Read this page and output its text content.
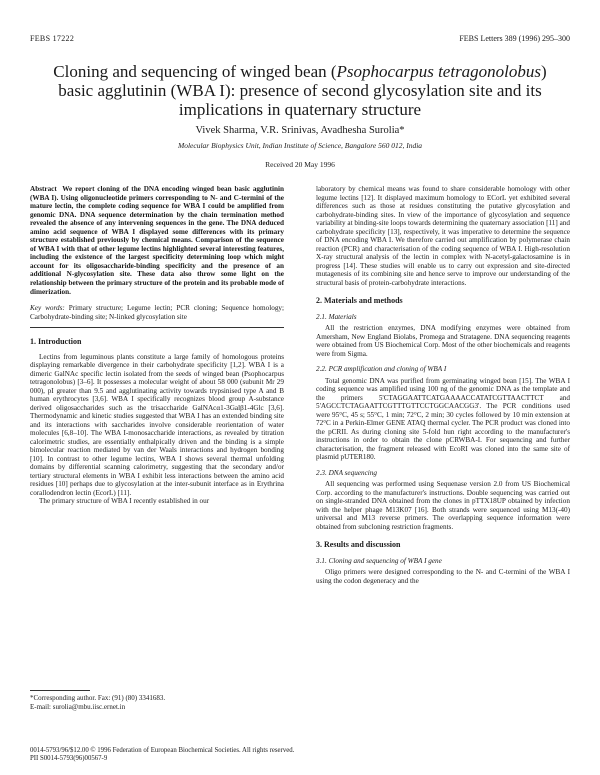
FEBS 17222	FEBS Letters 389 (1996) 295–300
Cloning and sequencing of winged bean (Psophocarpus tetragonolobus)
basic agglutinin (WBA I): presence of second glycosylation site and its
implications in quaternary structure
Vivek Sharma, V.R. Srinivas, Avadhesha Surolia*
Molecular Biophysics Unit, Indian Institute of Science, Bangalore 560 012, India
Received 20 May 1996

Abstract We report cloning of the DNA encoding winged bean basic agglutinin (WBA I). Using oligonucleotide primers corresponding to N- and C-termini of the mature lectin, the complete coding sequence for WBA I could be amplified from genomic DNA. DNA sequence determination by the chain termination method revealed the absence of any intervening sequences in the gene. The DNA deduced amino acid sequence of WBA I displayed some differences with its primary structure established previously by chemical means. Comparison of the sequence of WBA I with that of other legume lectins highlighted several interesting features, including the existence of the largest specificity determining loop which might account for its oligosaccharide-binding specificity and the presence of an additional N-glycosylation site. These data also throw some light on the relationship between the primary structure of the protein and its probable mode of dimerization.

Key words: Primary structure; Legume lectin; PCR cloning; Sequence homology; Carbohydrate-binding site; N-linked glycosylation site

1. Introduction

Lectins from leguminous plants constitute a large family of homologous proteins displaying remarkable divergence in their carbohydrate specificity [1,2]. WBA I is a dimeric GalNAc specific lectin isolated from the seeds of winged bean (Psophocarpus tetragonolobus) [3–6]. It possesses a molecular weight of about 58 000 (subunit Mr 29 000), pI greater than 9.5 and agglutinating activity towards trypsinised type A and B human erythrocytes [3,6]. WBA I specifically recognizes blood group A-substance derived oligosaccharides such as the trisaccharide GalNAcα1-3Galβ1-4Glc [3,6]. Thermodynamic and kinetic studies suggested that WBA I has an extended binding site and its interactions with saccharides involve considerable reorientation of water molecules [6,8–10]. The WBA I-monosaccharide interactions, as revealed by titration calorimetric studies, are essentially enthalpically driven and the binding is a simple bimolecular reaction mediated by van der Waals interactions and hydrogen bonding [10]. In contrast to other legume lectins, WBA I shows several thermal unfolding domains by differential scanning calorimetry, suggesting that the secondary and/or tertiary structural elements in WBA I exhibit less interactions between the amino acid residues [10] perhaps due to glycosylation at the inter-subunit interface as in Erythrina corallodendron lectin (EcorL) [11].

The primary structure of WBA I recently established in our

laboratory by chemical means was found to share considerable homology with other legume lectins [12]. It displayed maximum homology to ECorL yet exhibited several differences such as those at residues constituting the putative glycosylation and carbohydrate-binding sites. In view of the importance of glycosylation and sequence variability at binding-site loops towards determining the quaternary association [11] and carbohydrate specificity [13], respectively, it was imperative to determine the sequence of DNA encoding WBA I. We therefore carried out amplification by polymerase chain reaction (PCR) and characterisation of the coding sequence of WBA I. High-resolution X-ray structural analysis of the lectin in complex with N-acetyl-galactosamine is in progress [14]. These studies will enable us to carry out expression and site-directed mutagenesis of its combining site and hence serve to improve our understanding of the structural basis of protein-carbohydrate interactions.

2. Materials and methods
2.1. Materials

All the restriction enzymes, DNA modifying enzymes were obtained from Amersham, New England Biolabs, Promega and Stratagene. DNA sequencing reagents were obtained from US Biochemical Corp. Most of the other biochemicals and reagents were from Sigma.

2.2. PCR amplification and cloning of WBA I

Total genomic DNA was purified from germinating winged bean [15]. The WBA I coding sequence was amplified using 100 ng of the genomic DNA as the template and the primers 5'CTAGGAATTCATGAAAACCATATCGTTAACTTCT and 5'AGCCTCTAGAATTCGTTTGTTCCTGGCAACGG3'. The PCR conditions used were 95°C, 45 s; 55°C, 1 min; 72°C, 2 min; 30 cycles followed by 10 min extension at 72°C in a Perkin-Elmer GENE ATAQ thermal cycler. The PCR product was cloned into the pCRII. As during cloning site 5-fold hun right according to the manufacturer's instructions in order to obtain the clone pCRWBA-I. For sequencing and further characterisation, the fragment released with EcoRI was cloned into the same site of plasmid pUTER180.

2.3. DNA sequencing

All sequencing was performed using Sequenase version 2.0 from US Biochemical Corp. according to the manufacturer's instructions. Double sequencing was carried out on single-stranded DNA obtained from the clones in pTTX18UP obtained by infection with the helper phage M13K07 [16]. Both strands were sequenced using M13(-40) universal and M13 reverse primers. The overlapping sequence information were obtained from subcloning restriction fragments.

3. Results and discussion
3.1. Cloning and sequencing of WBA I gene

Oligo primers were designed corresponding to the N- and C-termini of the WBA I using the codon degeneracy and the

*Corresponding author. Fax: (91) (80) 3341683.
E-mail: surolia@mbu.iisc.ernet.in
0014-5793/96/$12.00 © 1996 Federation of European Biochemical Societies. All rights reserved.
PII S0014-5793(96)00567-9
